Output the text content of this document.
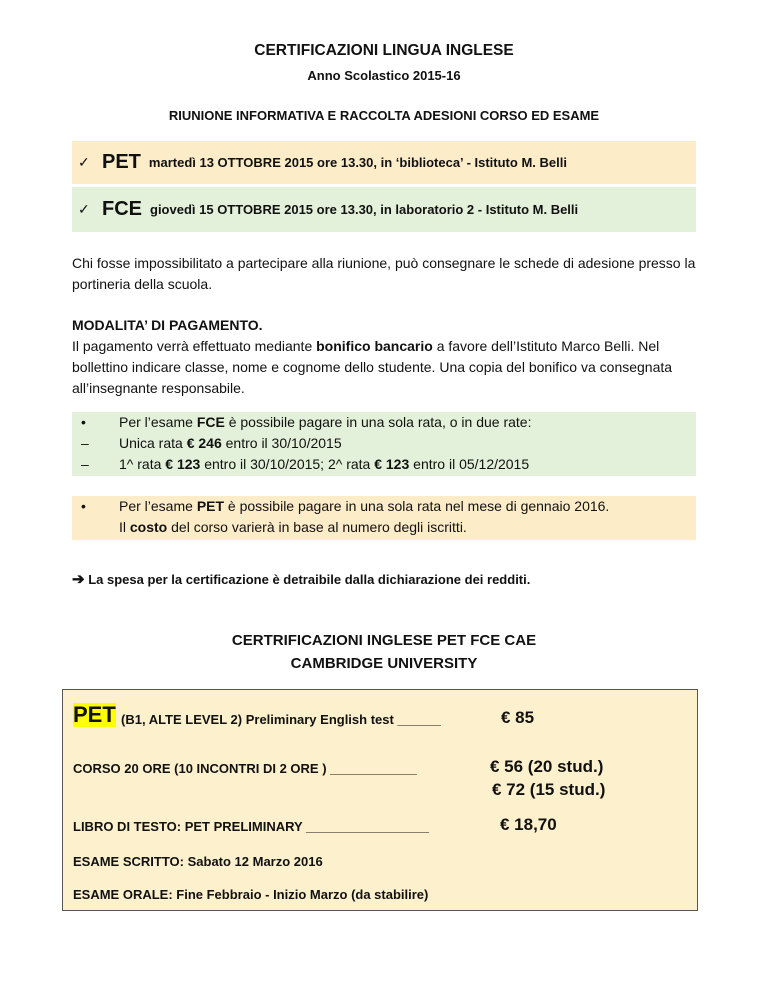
CERTIFICAZIONI LINGUA INGLESE
Anno Scolastico 2015-16
RIUNIONE INFORMATIVA E RACCOLTA ADESIONI CORSO ED ESAME
✓ PET martedì 13 OTTOBRE 2015 ore 13.30, in ‘biblioteca’ - Istituto M. Belli
✓ FCE giovedì 15 OTTOBRE 2015 ore 13.30, in laboratorio 2 - Istituto M. Belli
Chi fosse impossibilitato a partecipare alla riunione, può consegnare le schede di adesione presso la portineria della scuola.
MODALITA’ DI PAGAMENTO.
Il pagamento verrà effettuato mediante bonifico bancario a favore dell’Istituto Marco Belli. Nel bollettino indicare classe, nome e cognome dello studente. Una copia del bonifico va consegnata all’insegnante responsabile.
• Per l’esame FCE è possibile pagare in una sola rata, o in due rate:
– Unica rata € 246 entro il 30/10/2015
– 1^ rata € 123 entro il 30/10/2015; 2^ rata € 123 entro il 05/12/2015
• Per l’esame PET è possibile pagare in una sola rata nel mese di gennaio 2016.
Il costo del corso varierà in base al numero degli iscritti.
➔ La spesa per la certificazione è detraibile dalla dichiarazione dei redditi.
CERTRIFICAZIONI INGLESE PET FCE CAE
CAMBRIDGE UNIVERSITY
PET (B1, ALTE LEVEL 2) Preliminary English test ______	€ 85
CORSO 20 ORE (10 INCONTRI DI 2 ORE ) ____________	€ 56 (20 stud.)
€ 72 (15 stud.)
LIBRO DI TESTO: PET PRELIMINARY _________________	€ 18,70
ESAME SCRITTO: Sabato 12 Marzo 2016
ESAME ORALE: Fine Febbraio - Inizio Marzo (da stabilire)
